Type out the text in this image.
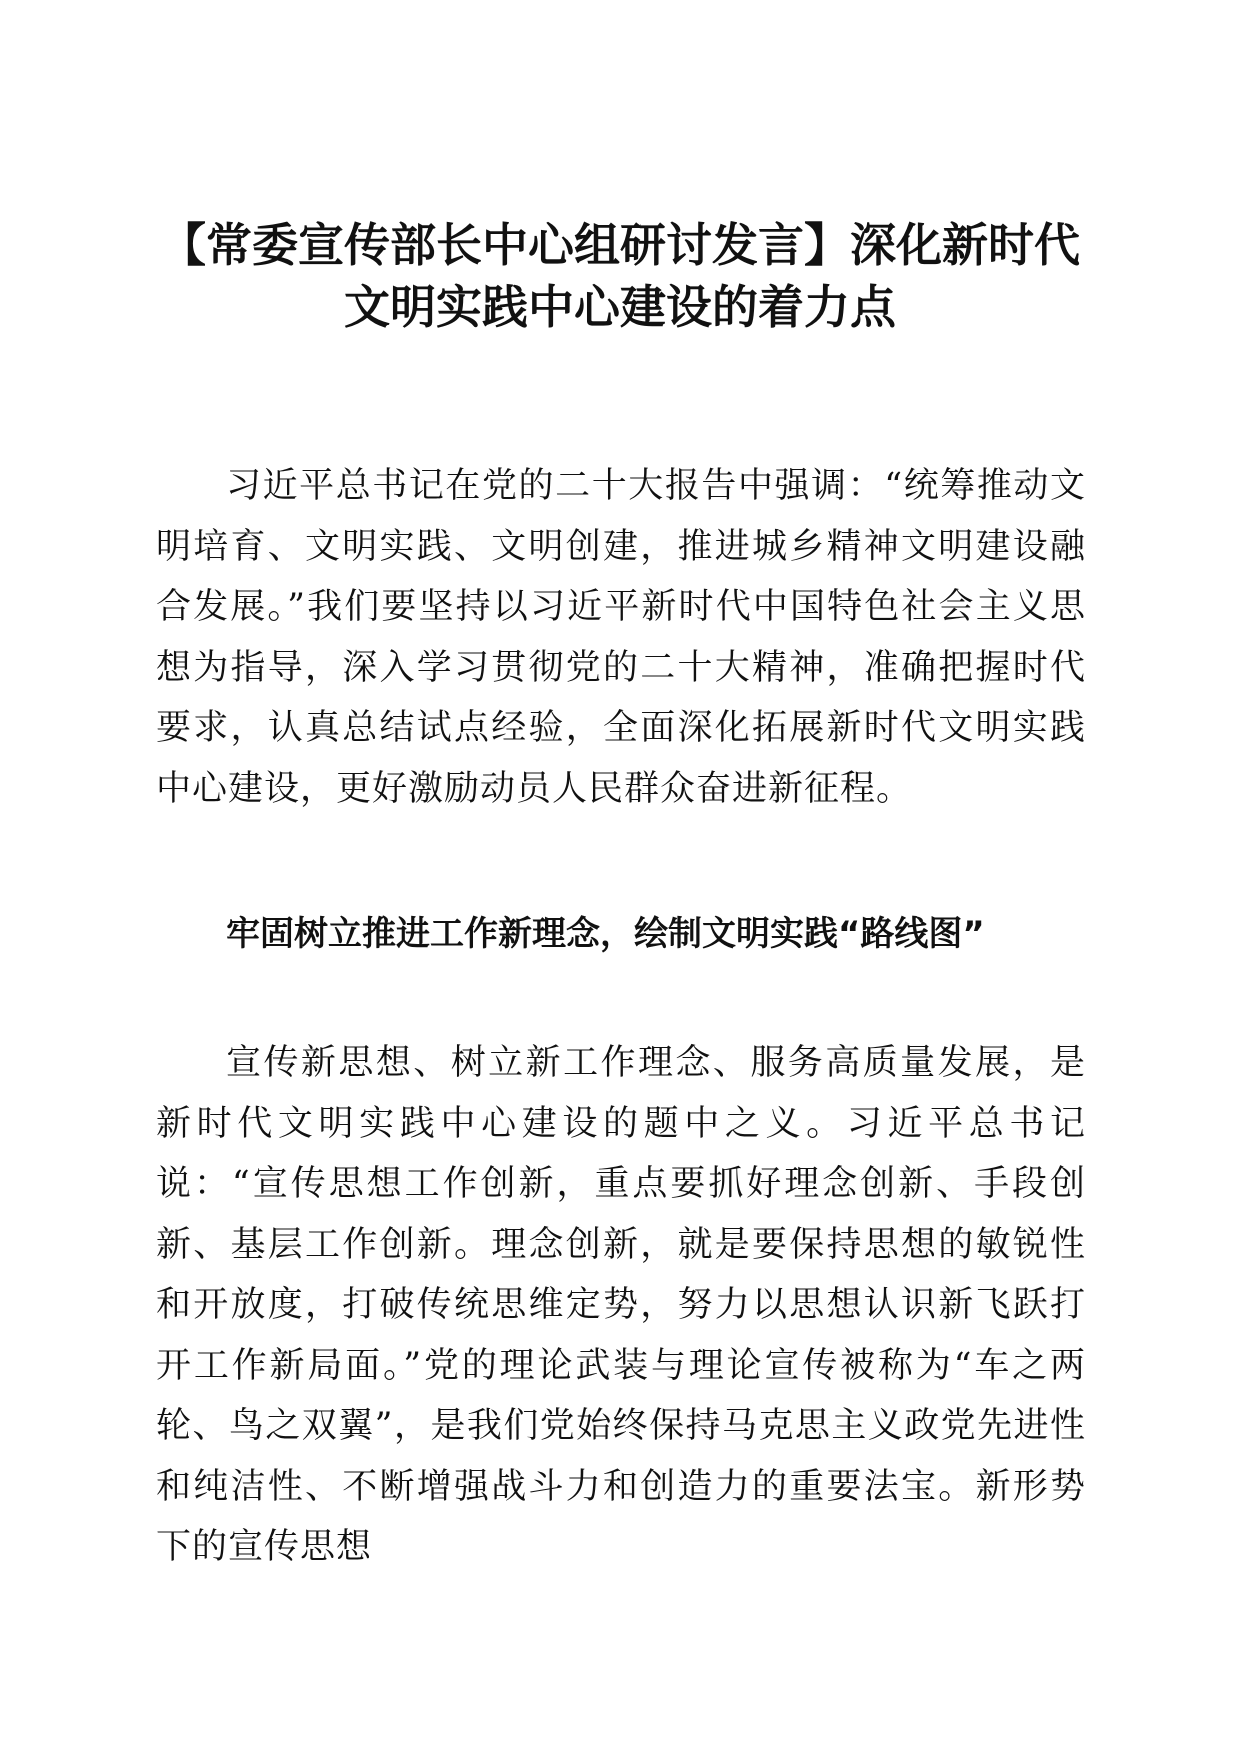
【常委宣传部长中心组研讨发言】深化新时代
文明实践中心建设的着力点

习近平总书记在党的二十大报告中强调：“统筹推动文明培育、文明实践、文明创建，推进城乡精神文明建设融合发展。”我们要坚持以习近平新时代中国特色社会主义思想为指导，深入学习贯彻党的二十大精神，准确把握时代要求，认真总结试点经验，全面深化拓展新时代文明实践中心建设，更好激励动员人民群众奋进新征程。

牢固树立推进工作新理念，绘制文明实践“路线图”

宣传新思想、树立新工作理念、服务高质量发展，是新时代文明实践中心建设的题中之义。习近平总书记说：“宣传思想工作创新，重点要抓好理念创新、手段创新、基层工作创新。理念创新，就是要保持思想的敏锐性和开放度，打破传统思维定势，努力以思想认识新飞跃打开工作新局面。”党的理论武装与理论宣传被称为“车之两轮、鸟之双翼”，是我们党始终保持马克思主义政党先进性和纯洁性、不断增强战斗力和创造力的重要法宝。新形势下的宣传思想
